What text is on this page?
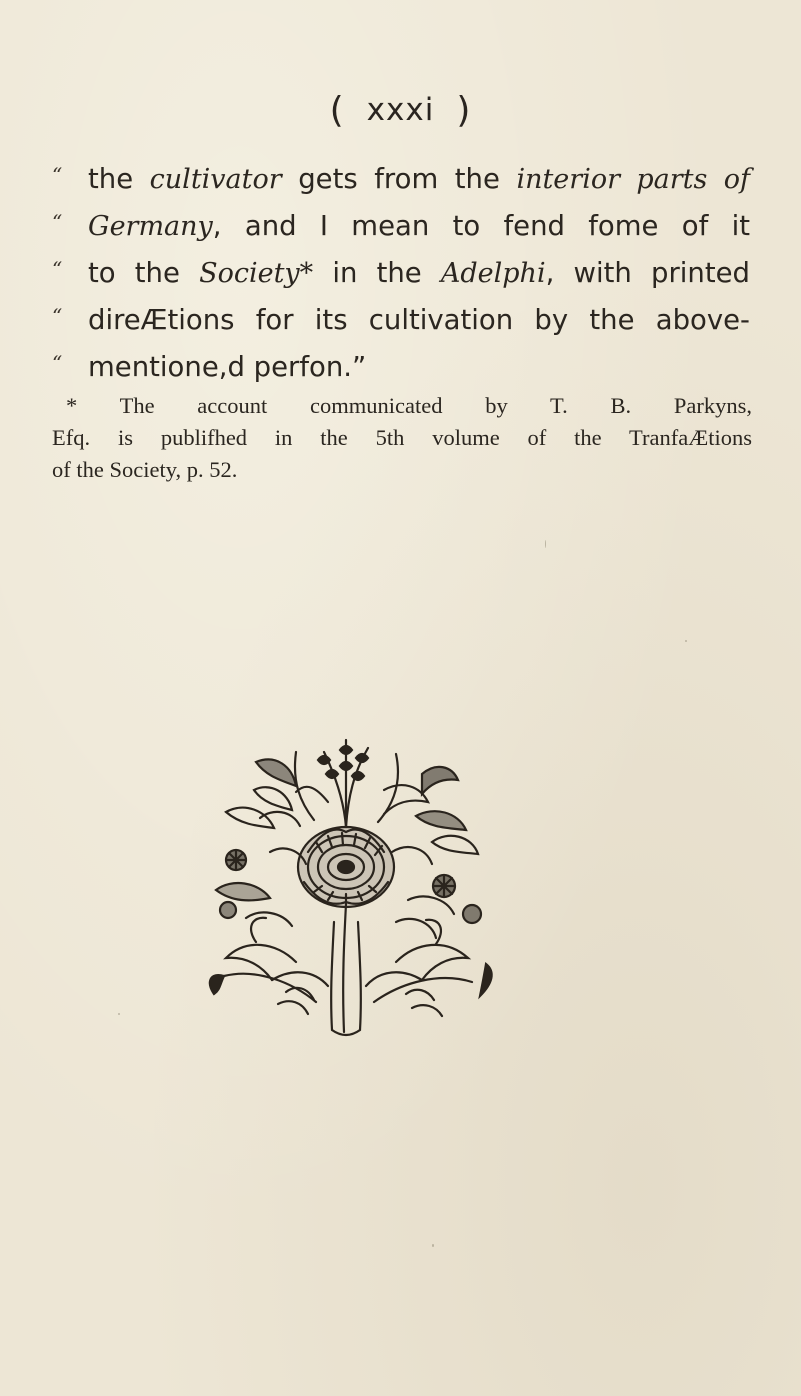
( xxxi )
“ the cultivator gets from the interior parts of
“ Germany, and I mean to fend fome of it
“ to the Society* in the Adelphi, with printed
“ direÆtions for its cultivation by the above-
“ mentione,d perfon.”
* The account communicated by T. B. Parkyns,
Efq. is publifhed in the 5th volume of the TranfaÆtions
of the Society, p. 52.
